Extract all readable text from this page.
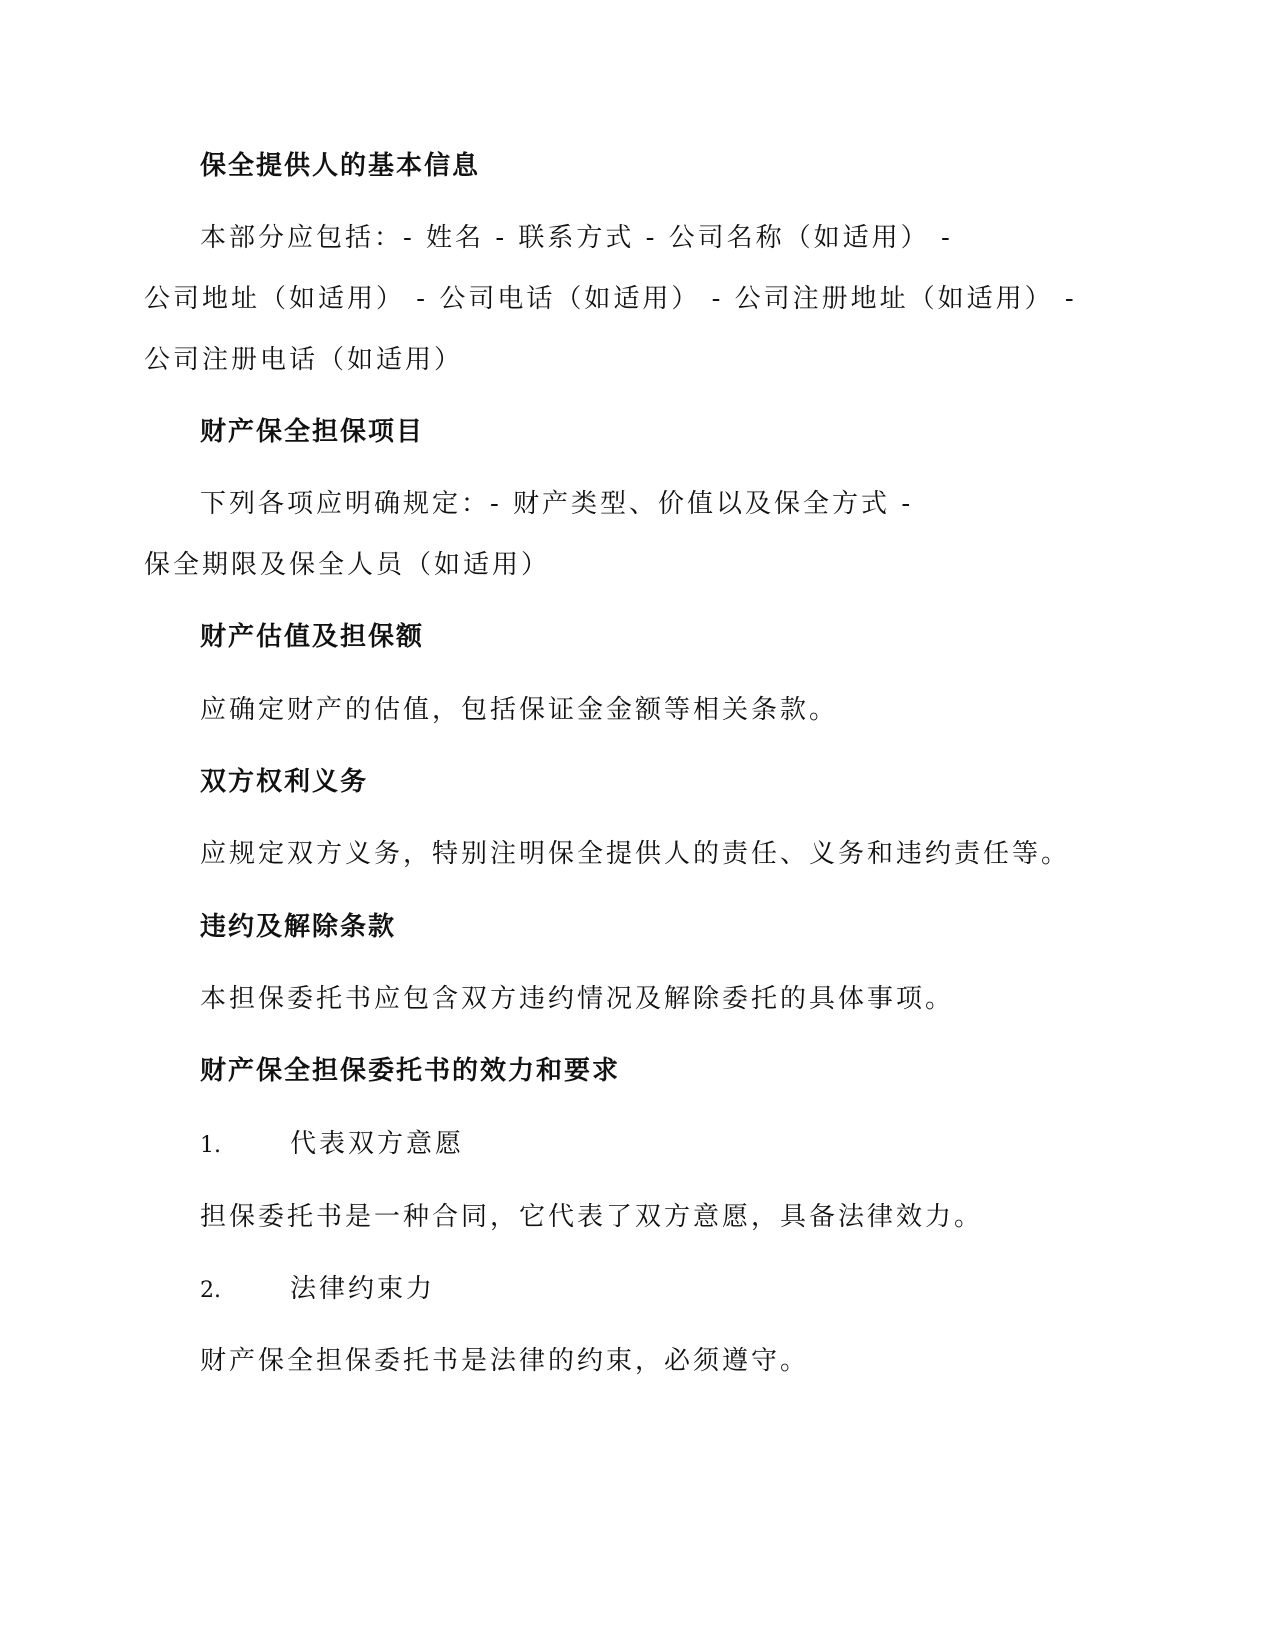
保全提供人的基本信息
本部分应包括：- 姓名 - 联系方式 - 公司名称（如适用） -
公司地址（如适用） - 公司电话（如适用） - 公司注册地址（如适用） -
公司注册电话（如适用）
财产保全担保项目
下列各项应明确规定：- 财产类型、价值以及保全方式 -
保全期限及保全人员（如适用）
财产估值及担保额
应确定财产的估值，包括保证金金额等相关条款。
双方权利义务
应规定双方义务，特别注明保全提供人的责任、义务和违约责任等。
违约及解除条款
本担保委托书应包含双方违约情况及解除委托的具体事项。
财产保全担保委托书的效力和要求
1.	代表双方意愿
担保委托书是一种合同，它代表了双方意愿，具备法律效力。
2.	法律约束力
财产保全担保委托书是法律的约束，必须遵守。
